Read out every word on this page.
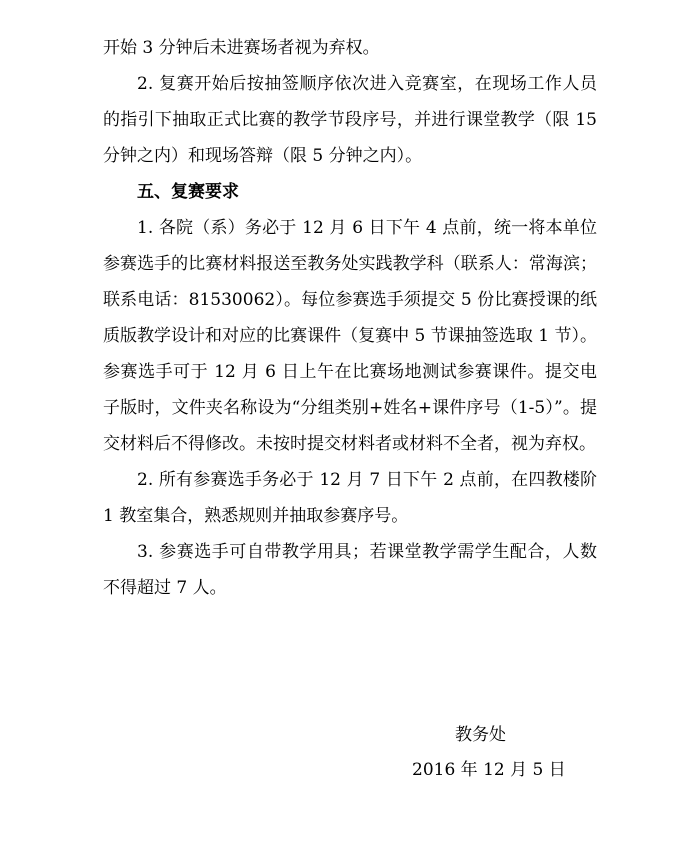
开始 3 分钟后未进赛场者视为弃权。

2. 复赛开始后按抽签顺序依次进入竞赛室，在现场工作人员的指引下抽取正式比赛的教学节段序号，并进行课堂教学（限 15 分钟之内）和现场答辩（限 5 分钟之内）。

五、复赛要求

1. 各院（系）务必于 12 月 6 日下午 4 点前，统一将本单位参赛选手的比赛材料报送至教务处实践教学科（联系人：常海滨；联系电话：81530062）。每位参赛选手须提交 5 份比赛授课的纸质版教学设计和对应的比赛课件（复赛中 5 节课抽签选取 1 节）。参赛选手可于 12 月 6 日上午在比赛场地测试参赛课件。提交电子版时，文件夹名称设为“分组类别+姓名+课件序号（1-5）”。提交材料后不得修改。未按时提交材料者或材料不全者，视为弃权。

2. 所有参赛选手务必于 12 月 7 日下午 2 点前，在四教楼阶 1 教室集合，熟悉规则并抽取参赛序号。

3. 参赛选手可自带教学用具；若课堂教学需学生配合，人数不得超过 7 人。

教务处
2016 年 12 月 5 日
